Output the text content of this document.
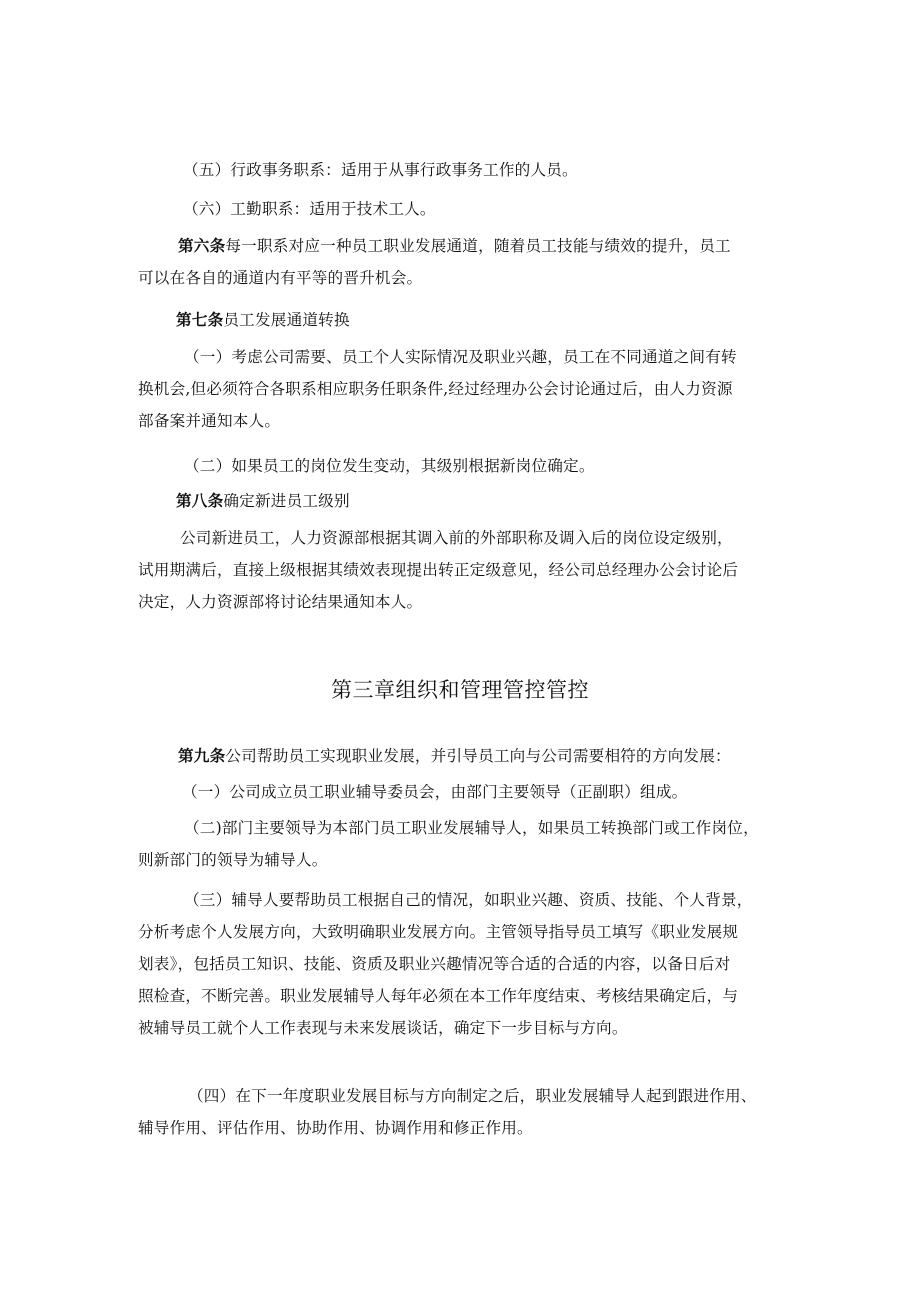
（五）行政事务职系：适用于从事行政事务工作的人员。
（六）工勤职系：适用于技术工人。
第六条每一职系对应一种员工职业发展通道，随着员工技能与绩效的提升，员工
可以在各自的通道内有平等的晋升机会。
第七条员工发展通道转换
（一）考虑公司需要、员工个人实际情况及职业兴趣，员工在不同通道之间有转
换机会,但必须符合各职系相应职务任职条件,经过经理办公会讨论通过后，由人力资源
部备案并通知本人。
（二）如果员工的岗位发生变动，其级别根据新岗位确定。
第八条确定新进员工级别
公司新进员工，人力资源部根据其调入前的外部职称及调入后的岗位设定级别，
试用期满后，直接上级根据其绩效表现提出转正定级意见，经公司总经理办公会讨论后
决定，人力资源部将讨论结果通知本人。
第三章组织和管理管控管控
第九条公司帮助员工实现职业发展，并引导员工向与公司需要相符的方向发展：
（一）公司成立员工职业辅导委员会，由部门主要领导（正副职）组成。
（二)部门主要领导为本部门员工职业发展辅导人，如果员工转换部门或工作岗位，
则新部门的领导为辅导人。
（三）辅导人要帮助员工根据自己的情况，如职业兴趣、资质、技能、个人背景，
分析考虑个人发展方向，大致明确职业发展方向。主管领导指导员工填写《职业发展规
划表》，包括员工知识、技能、资质及职业兴趣情况等合适的合适的内容，以备日后对
照检查，不断完善。职业发展辅导人每年必须在本工作年度结束、考核结果确定后，与
被辅导员工就个人工作表现与未来发展谈话，确定下一步目标与方向。
（四）在下一年度职业发展目标与方向制定之后，职业发展辅导人起到跟进作用、
辅导作用、评估作用、协助作用、协调作用和修正作用。
